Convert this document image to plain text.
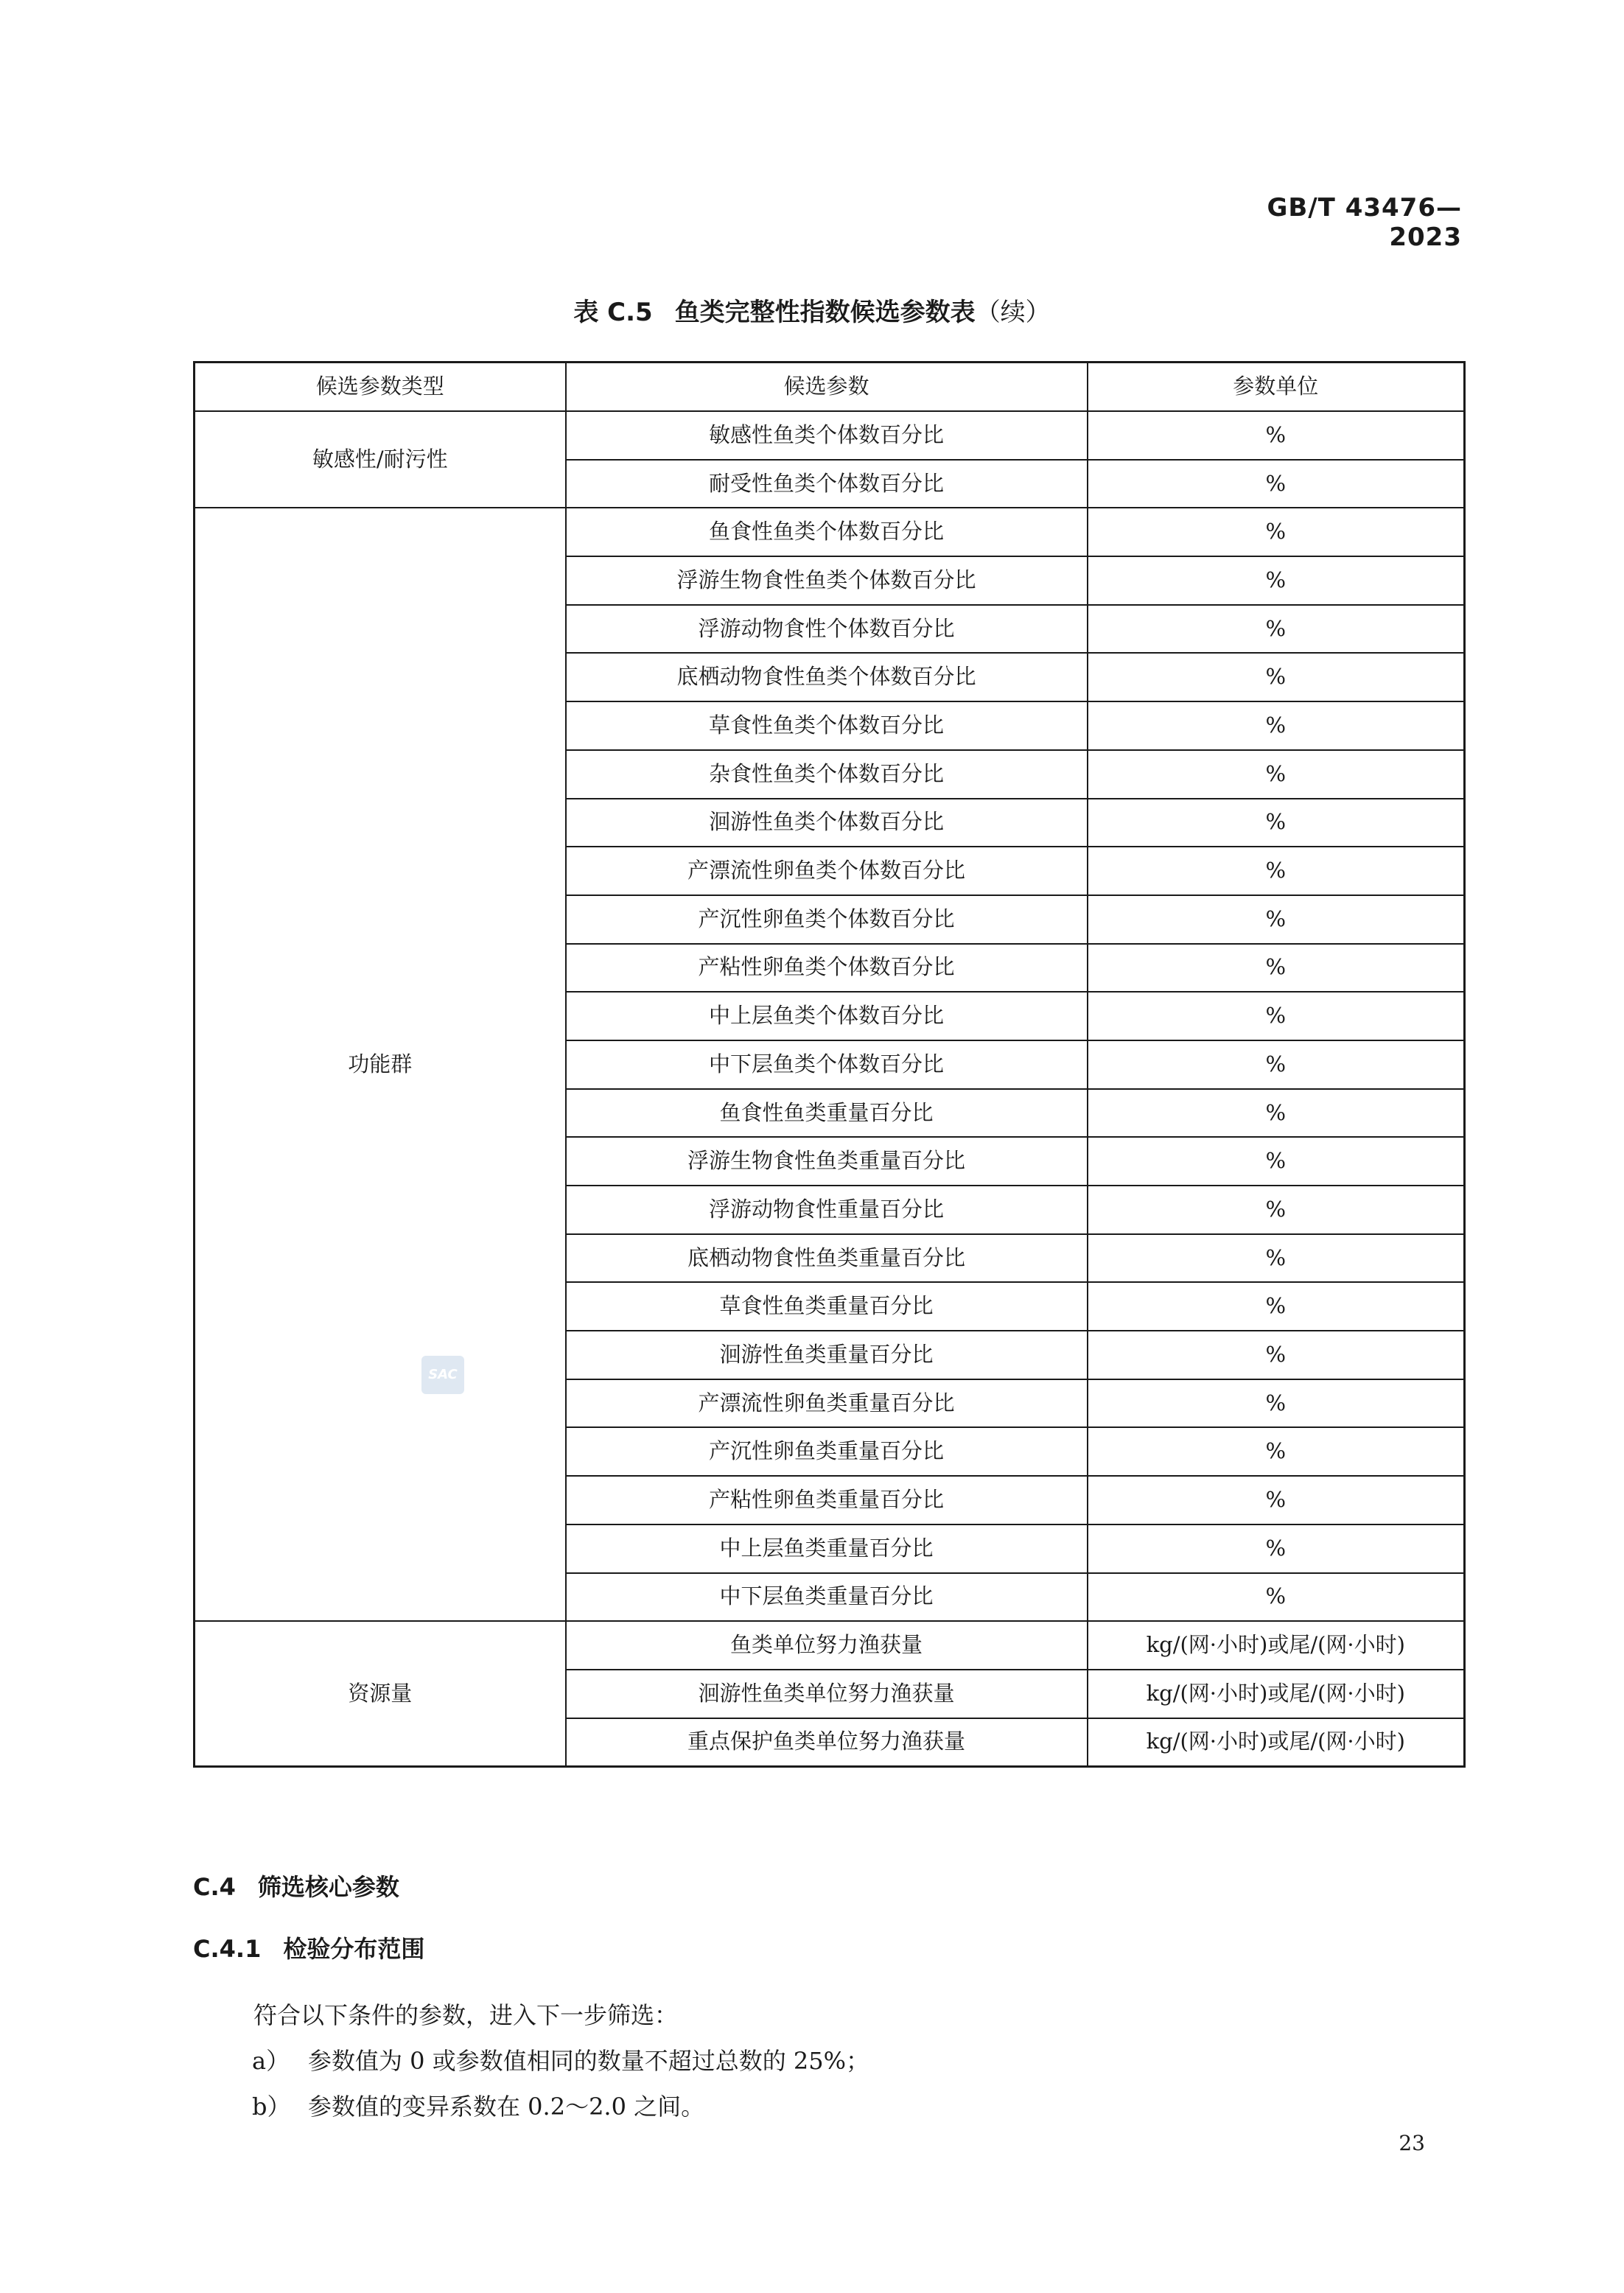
GB/T 43476—2023
表 C.5 鱼类完整性指数候选参数表（续）
候选参数类型	候选参数	参数单位
敏感性/耐污性	敏感性鱼类个体数百分比	%
	耐受性鱼类个体数百分比	%
功能群	鱼食性鱼类个体数百分比	%
	浮游生物食性鱼类个体数百分比	%
	浮游动物食性个体数百分比	%
	底栖动物食性鱼类个体数百分比	%
	草食性鱼类个体数百分比	%
	杂食性鱼类个体数百分比	%
	洄游性鱼类个体数百分比	%
	产漂流性卵鱼类个体数百分比	%
	产沉性卵鱼类个体数百分比	%
	产粘性卵鱼类个体数百分比	%
	中上层鱼类个体数百分比	%
	中下层鱼类个体数百分比	%
	鱼食性鱼类重量百分比	%
	浮游生物食性鱼类重量百分比	%
	浮游动物食性重量百分比	%
	底栖动物食性鱼类重量百分比	%
	草食性鱼类重量百分比	%
	洄游性鱼类重量百分比	%
	产漂流性卵鱼类重量百分比	%
	产沉性卵鱼类重量百分比	%
	产粘性卵鱼类重量百分比	%
	中上层鱼类重量百分比	%
	中下层鱼类重量百分比	%
资源量	鱼类单位努力渔获量	kg/(网·小时)或尾/(网·小时)
	洄游性鱼类单位努力渔获量	kg/(网·小时)或尾/(网·小时)
	重点保护鱼类单位努力渔获量	kg/(网·小时)或尾/(网·小时)
SAC
C.4 筛选核心参数
C.4.1 检验分布范围
符合以下条件的参数，进入下一步筛选：
a） 参数值为 0 或参数值相同的数量不超过总数的 25%；
b） 参数值的变异系数在 0.2～2.0 之间。
23
